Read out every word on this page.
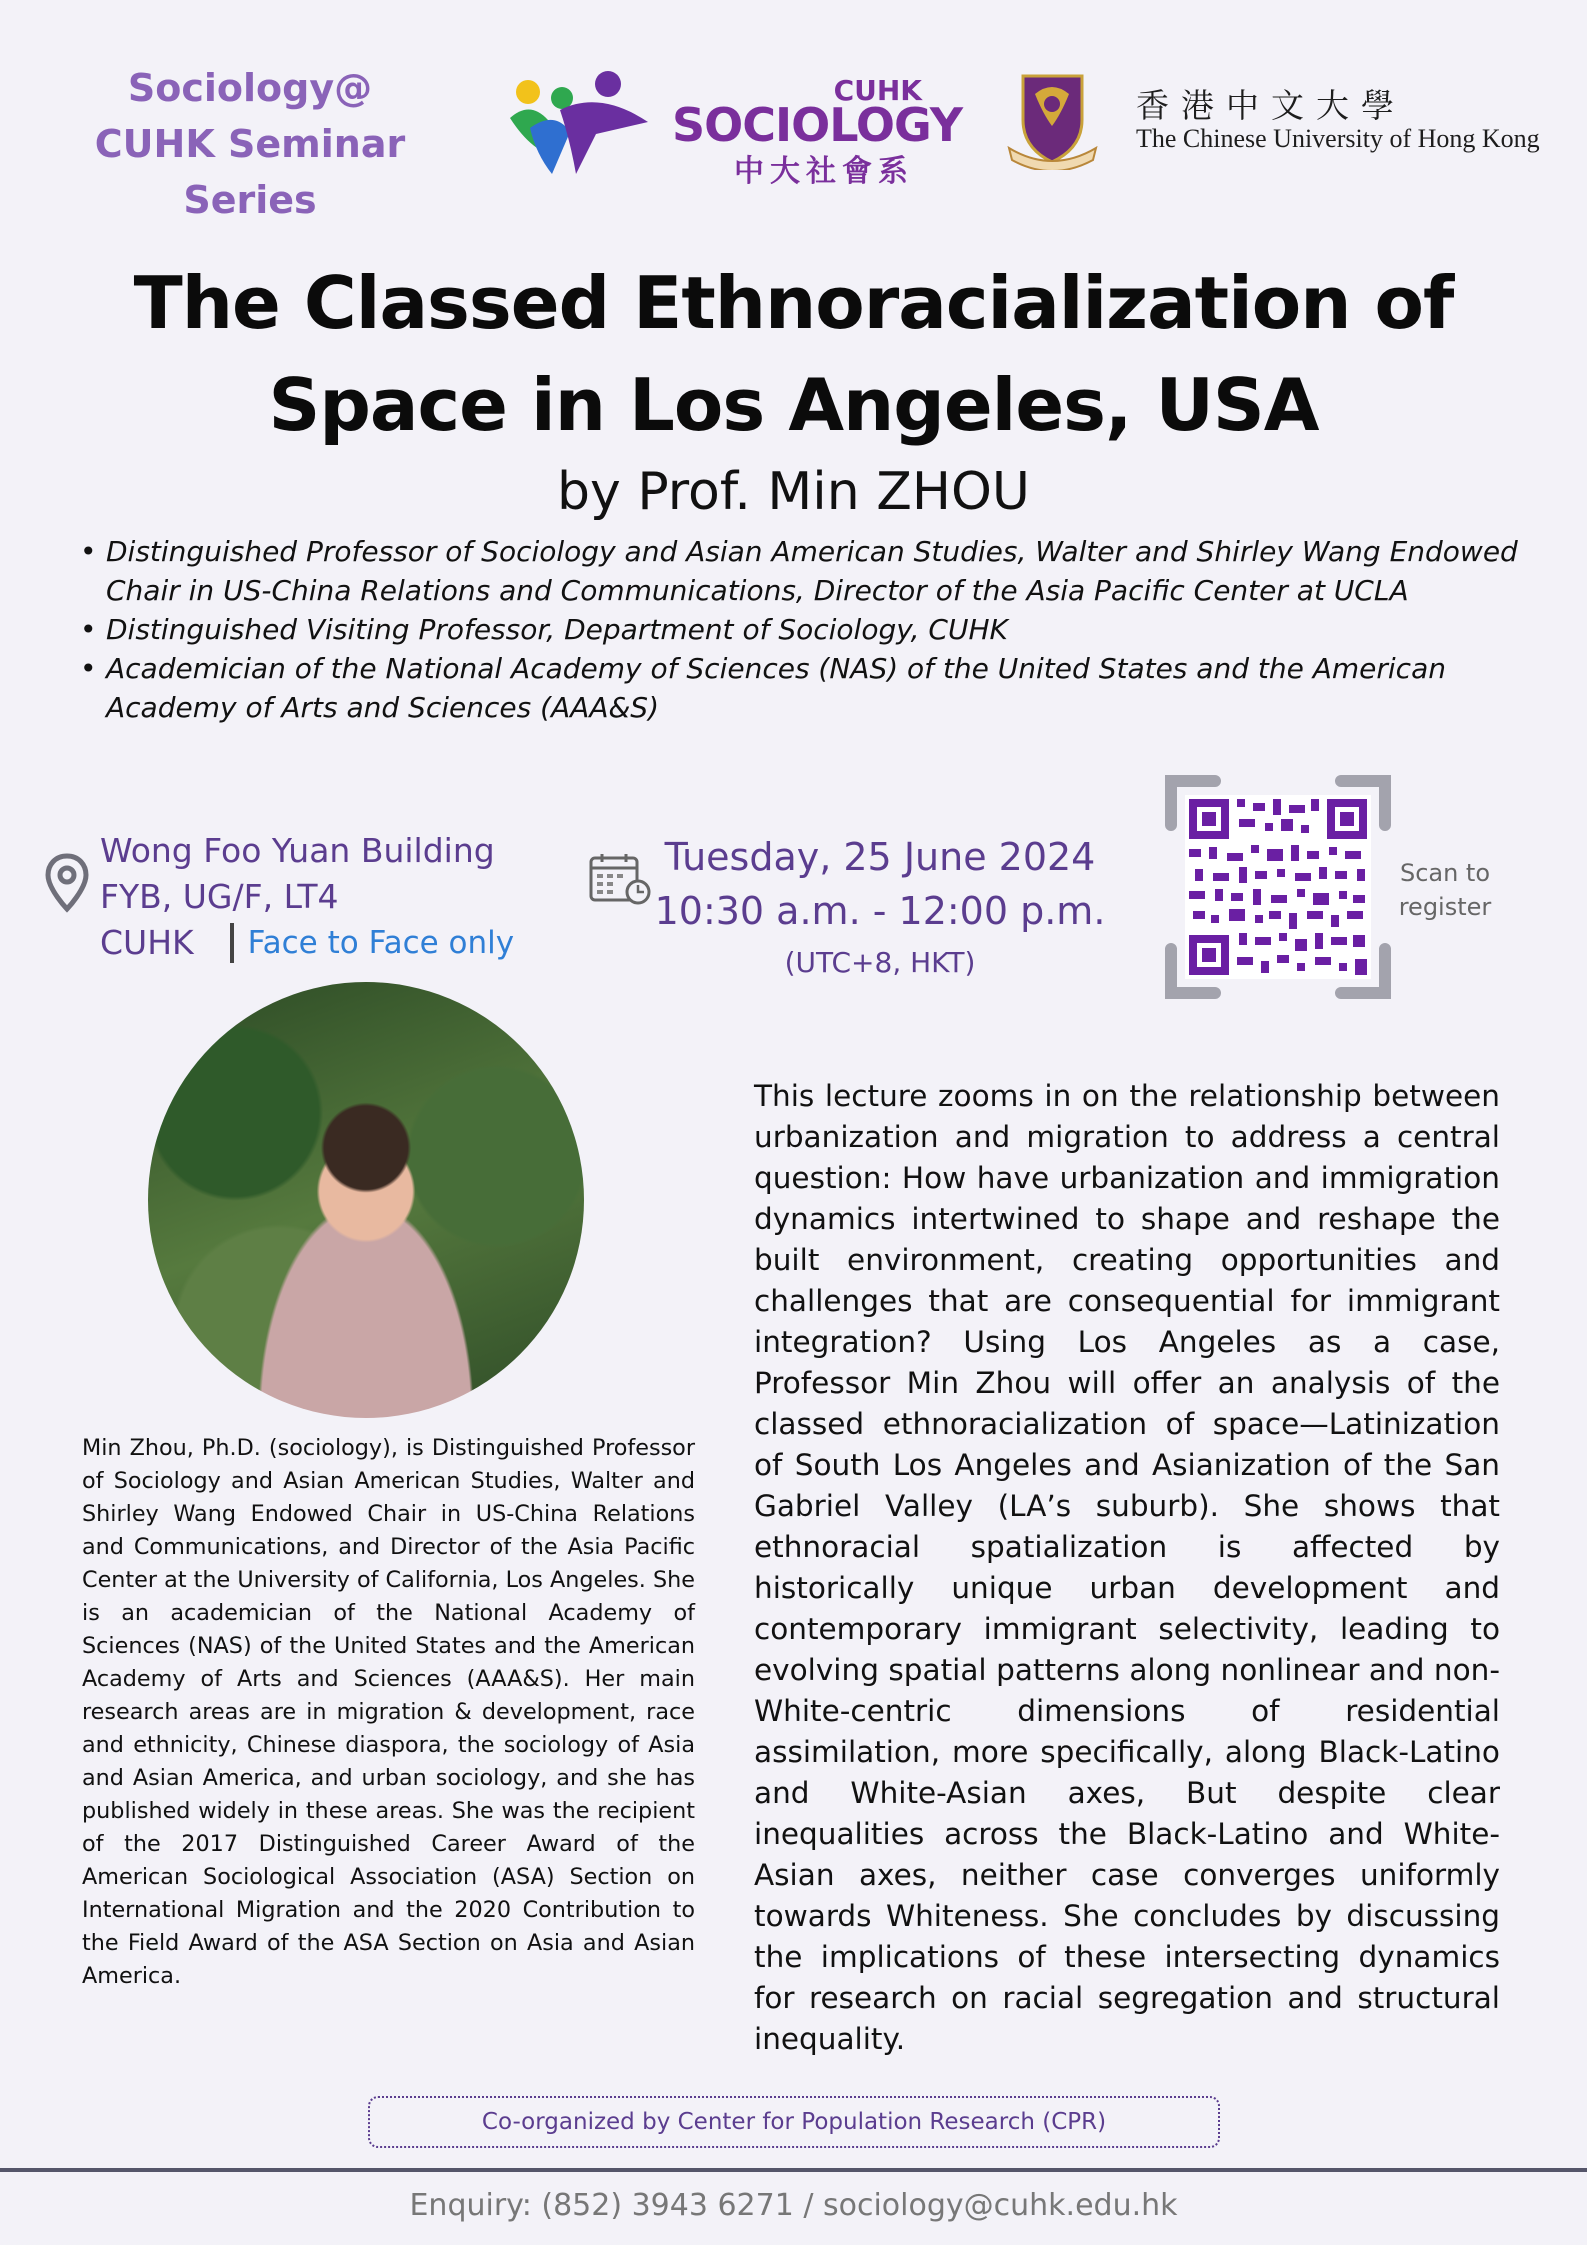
Sociology@
CUHK Seminar Series
CUHK
SOCIOLOGY
中大社會系
香港中文大學
The Chinese University of Hong Kong
The Classed Ethnoracialization of
Space in Los Angeles, USA
by Prof. Min ZHOU
• Distinguished Professor of Sociology and Asian American Studies, Walter and Shirley Wang Endowed Chair in US-China Relations and Communications, Director of the Asia Pacific Center at UCLA
• Distinguished Visiting Professor, Department of Sociology, CUHK
• Academician of the National Academy of Sciences (NAS) of the United States and the American Academy of Arts and Sciences (AAA&S)
Wong Foo Yuan Building
FYB, UG/F, LT4
CUHK Face to Face only
Tuesday, 25 June 2024
10:30 a.m. - 12:00 p.m.
(UTC+8, HKT)
Scan to
register
Min Zhou, Ph.D. (sociology), is Distinguished Professor of Sociology and Asian American Studies, Walter and Shirley Wang Endowed Chair in US-China Relations and Communications, and Director of the Asia Pacific Center at the University of California, Los Angeles. She is an academician of the National Academy of Sciences (NAS) of the United States and the American Academy of Arts and Sciences (AAA&S). Her main research areas are in migration & development, race and ethnicity, Chinese diaspora, the sociology of Asia and Asian America, and urban sociology, and she has published widely in these areas. She was the recipient of the 2017 Distinguished Career Award of the American Sociological Association (ASA) Section on International Migration and the 2020 Contribution to the Field Award of the ASA Section on Asia and Asian America.
This lecture zooms in on the relationship between urbanization and migration to address a central question: How have urbanization and immigration dynamics intertwined to shape and reshape the built environment, creating opportunities and challenges that are consequential for immigrant integration? Using Los Angeles as a case, Professor Min Zhou will offer an analysis of the classed ethnoracialization of space—Latinization of South Los Angeles and Asianization of the San Gabriel Valley (LA’s suburb). She shows that ethnoracial spatialization is affected by historically unique urban development and contemporary immigrant selectivity, leading to evolving spatial patterns along nonlinear and non-White-centric dimensions of residential assimilation, more specifically, along Black-Latino and White-Asian axes, But despite clear inequalities across the Black-Latino and White-Asian axes, neither case converges uniformly towards Whiteness. She concludes by discussing the implications of these intersecting dynamics for research on racial segregation and structural inequality.
Co-organized by Center for Population Research (CPR)
Enquiry: (852) 3943 6271 / sociology@cuhk.edu.hk
